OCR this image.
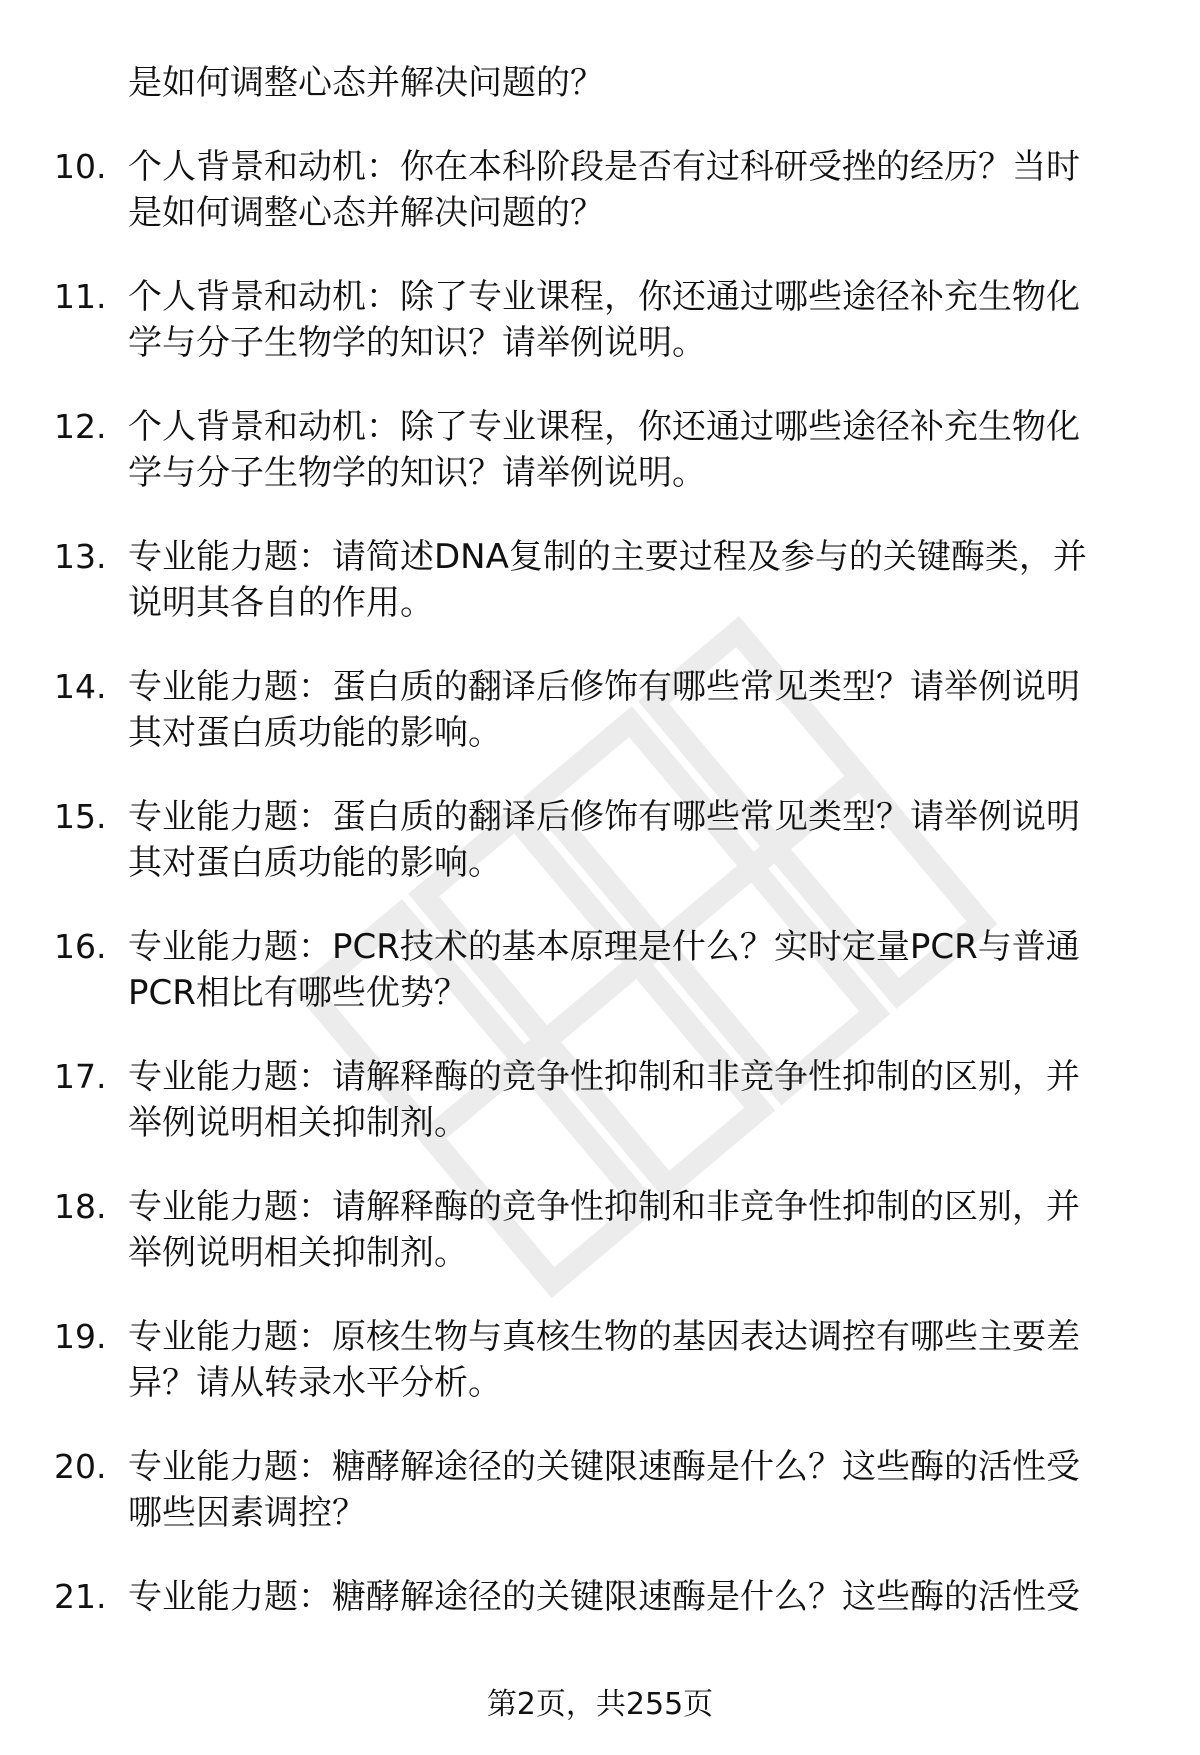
是如何调整心态并解决问题的？
10. 个人背景和动机：你在本科阶段是否有过科研受挫的经历？当时
是如何调整心态并解决问题的？
11. 个人背景和动机：除了专业课程，你还通过哪些途径补充生物化
学与分子生物学的知识？请举例说明。
12. 个人背景和动机：除了专业课程，你还通过哪些途径补充生物化
学与分子生物学的知识？请举例说明。
13. 专业能力题：请简述DNA复制的主要过程及参与的关键酶类，并
说明其各自的作用。
14. 专业能力题：蛋白质的翻译后修饰有哪些常见类型？请举例说明
其对蛋白质功能的影响。
15. 专业能力题：蛋白质的翻译后修饰有哪些常见类型？请举例说明
其对蛋白质功能的影响。
16. 专业能力题：PCR技术的基本原理是什么？实时定量PCR与普通
PCR相比有哪些优势？
17. 专业能力题：请解释酶的竞争性抑制和非竞争性抑制的区别，并
举例说明相关抑制剂。
18. 专业能力题：请解释酶的竞争性抑制和非竞争性抑制的区别，并
举例说明相关抑制剂。
19. 专业能力题：原核生物与真核生物的基因表达调控有哪些主要差
异？请从转录水平分析。
20. 专业能力题：糖酵解途径的关键限速酶是什么？这些酶的活性受
哪些因素调控？
21. 专业能力题：糖酵解途径的关键限速酶是什么？这些酶的活性受
第2页，共255页
